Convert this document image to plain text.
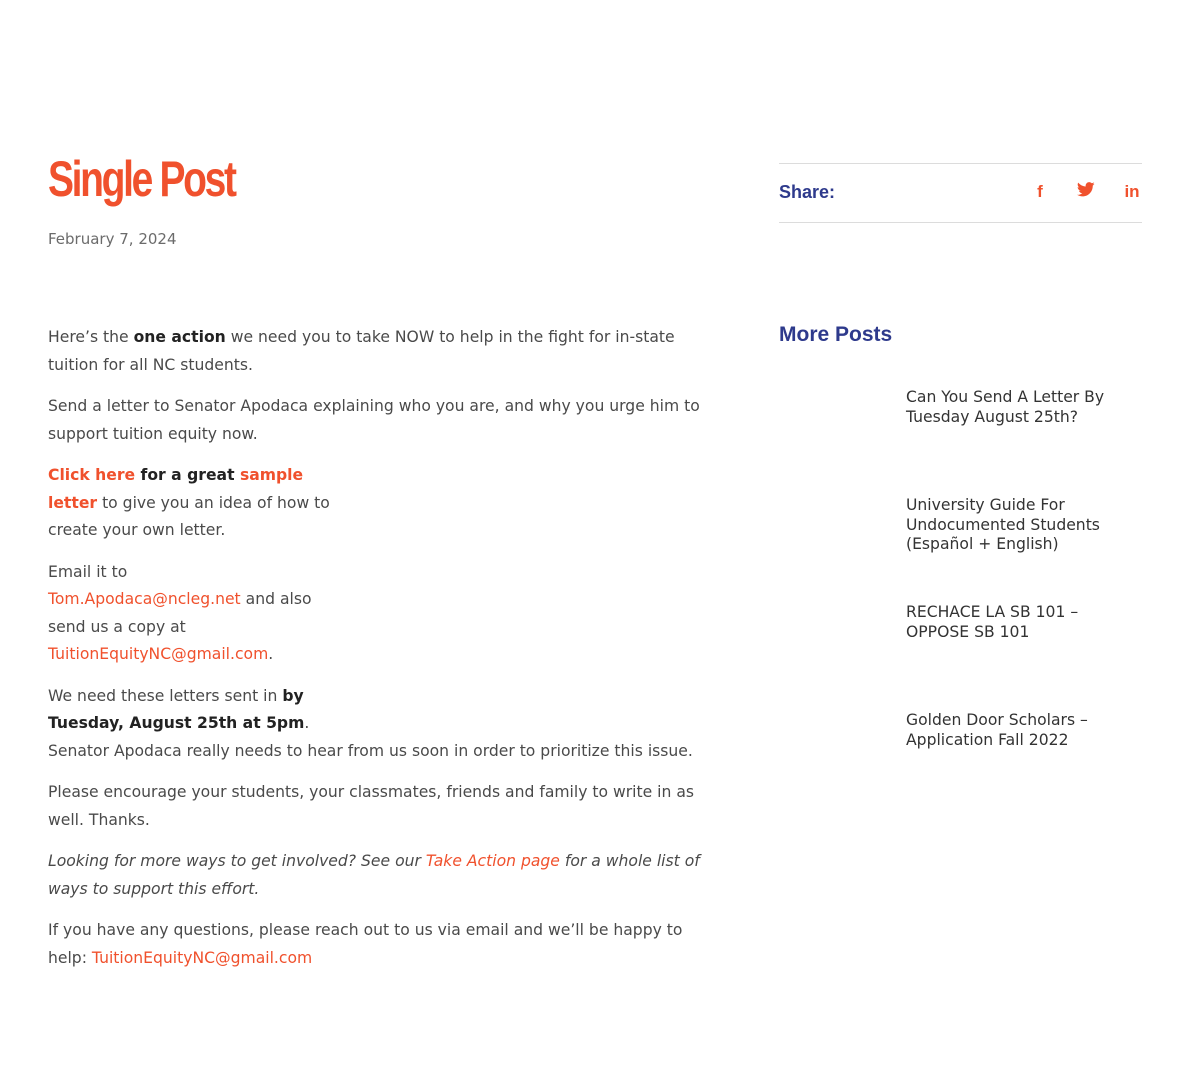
Single Post
February 7, 2024

Here’s the one action we need you to take NOW to help in the fight for in-state tuition for all NC students.

Send a letter to Senator Apodaca explaining who you are, and why you urge him to support tuition equity now.

Click here for a great sample letter to give you an idea of how to create your own letter.

Email it to Tom.Apodaca@ncleg.net and also send us a copy at TuitionEquityNC@gmail.com.

We need these letters sent in by Tuesday, August 25th at 5pm.
Senator Apodaca really needs to hear from us soon in order to prioritize this issue.

Please encourage your students, your classmates, friends and family to write in as well. Thanks.

Looking for more ways to get involved? See our Take Action page for a whole list of ways to support this effort.

If you have any questions, please reach out to us via email and we’ll be happy to help: TuitionEquityNC@gmail.com

Share:	f	in
More Posts
Can You Send A Letter By Tuesday August 25th?
University Guide For Undocumented Students (Español + English)
RECHACE LA SB 101 – OPPOSE SB 101
Golden Door Scholars – Application Fall 2022
